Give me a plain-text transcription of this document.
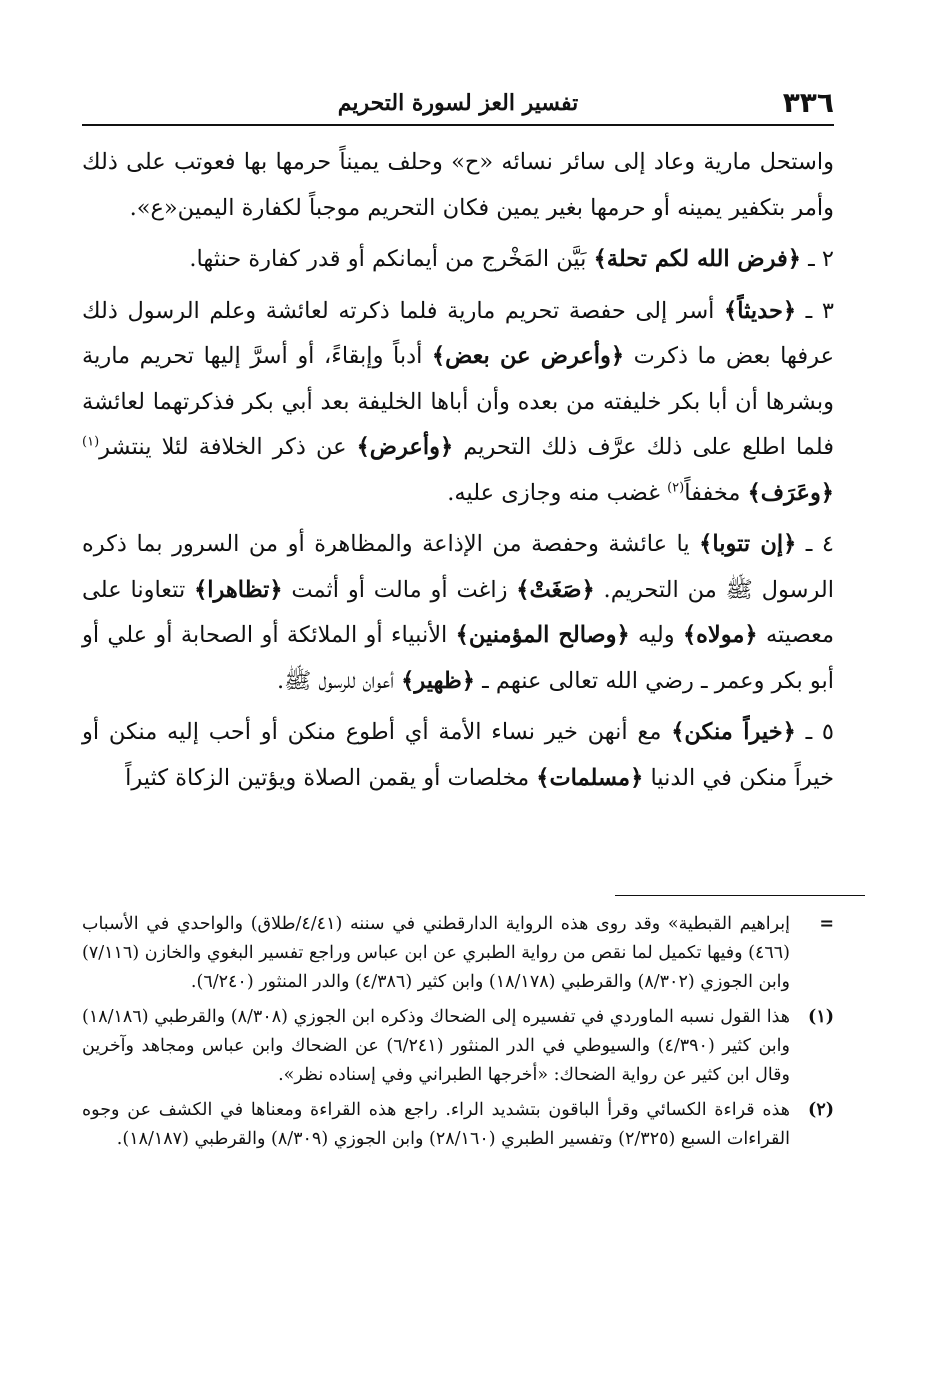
٣٣٦
تفسير العز لسورة التحريم

واستحل مارية وعاد إلى سائر نسائه «ح» وحلف يميناً حرمها بها فعوتب على ذلك وأمر بتكفير يمينه أو حرمها بغير يمين فكان التحريم موجباً لكفارة اليمين«ع».

٢ ـ ﴿فرض الله لكم تحلة﴾ بَيَّن المَخْرج من أيمانكم أو قدر كفارة حنثها.

٣ ـ ﴿حديثاً﴾ أسر إلى حفصة تحريم مارية فلما ذكرته لعائشة وعلم الرسول ذلك عرفها بعض ما ذكرت ﴿وأعرض عن بعض﴾ أدباً وإبقاءً، أو أسرَّ إليها تحريم مارية وبشرها أن أبا بكر خليفته من بعده وأن أباها الخليفة بعد أبي بكر فذكرتهما لعائشة فلما اطلع على ذلك عرَّف ذلك التحريم ﴿وأعرض﴾ عن ذكر الخلافة لئلا ينتشر$^{(١)}$ ﴿وعَرَف﴾ مخففاً$^{(٢)}$ غضب منه وجازى عليه.

٤ ـ ﴿إن تتوبا﴾ يا عائشة وحفصة من الإذاعة والمظاهرة أو من السرور بما ذكره الرسول ﷺ من التحريم. ﴿صَغَتْ﴾ زاغت أو مالت أو أثمت ﴿تظاهرا﴾ تتعاونا على معصيته ﴿مولاه﴾ وليه ﴿وصالح المؤمنين﴾ الأنبياء أو الملائكة أو الصحابة أو علي أو أبو بكر وعمر ـ رضي الله تعالى عنهم ـ ﴿ظهير﴾ أعوان للرسول ﷺ.

٥ ـ ﴿خيراً منكن﴾ مع أنهن خير نساء الأمة أي أطوع منكن أو أحب إليه منكن أو خيراً منكن في الدنيا ﴿مسلمات﴾ مخلصات أو يقمن الصلاة ويؤتين الزكاة كثيراً

=
إبراهيم القبطية» وقد روى هذه الرواية الدارقطني في سننه (٤/٤١/طلاق) والواحدي في الأسباب (٤٦٦) وفيها تكميل لما نقص من رواية الطبري عن ابن عباس وراجع تفسير البغوي والخازن (٧/١١٦) وابن الجوزي (٨/٣٠٢) والقرطبي (١٨/١٧٨) وابن كثير (٤/٣٨٦) والدر المنثور (٦/٢٤٠).
(١)
هذا القول نسبه الماوردي في تفسيره إلى الضحاك وذكره ابن الجوزي (٨/٣٠٨) والقرطبي (١٨/١٨٦) وابن كثير (٤/٣٩٠) والسيوطي في الدر المنثور (٦/٢٤١) عن الضحاك وابن عباس ومجاهد وآخرين وقال ابن كثير عن رواية الضحاك: «أخرجها الطبراني وفي إسناده نظر».
(٢)
هذه قراءة الكسائي وقرأ الباقون بتشديد الراء. راجع هذه القراءة ومعناها في الكشف عن وجوه القراءات السبع (٢/٣٢٥) وتفسير الطبري (٢٨/١٦٠) وابن الجوزي (٨/٣٠٩) والقرطبي (١٨/١٨٧).
